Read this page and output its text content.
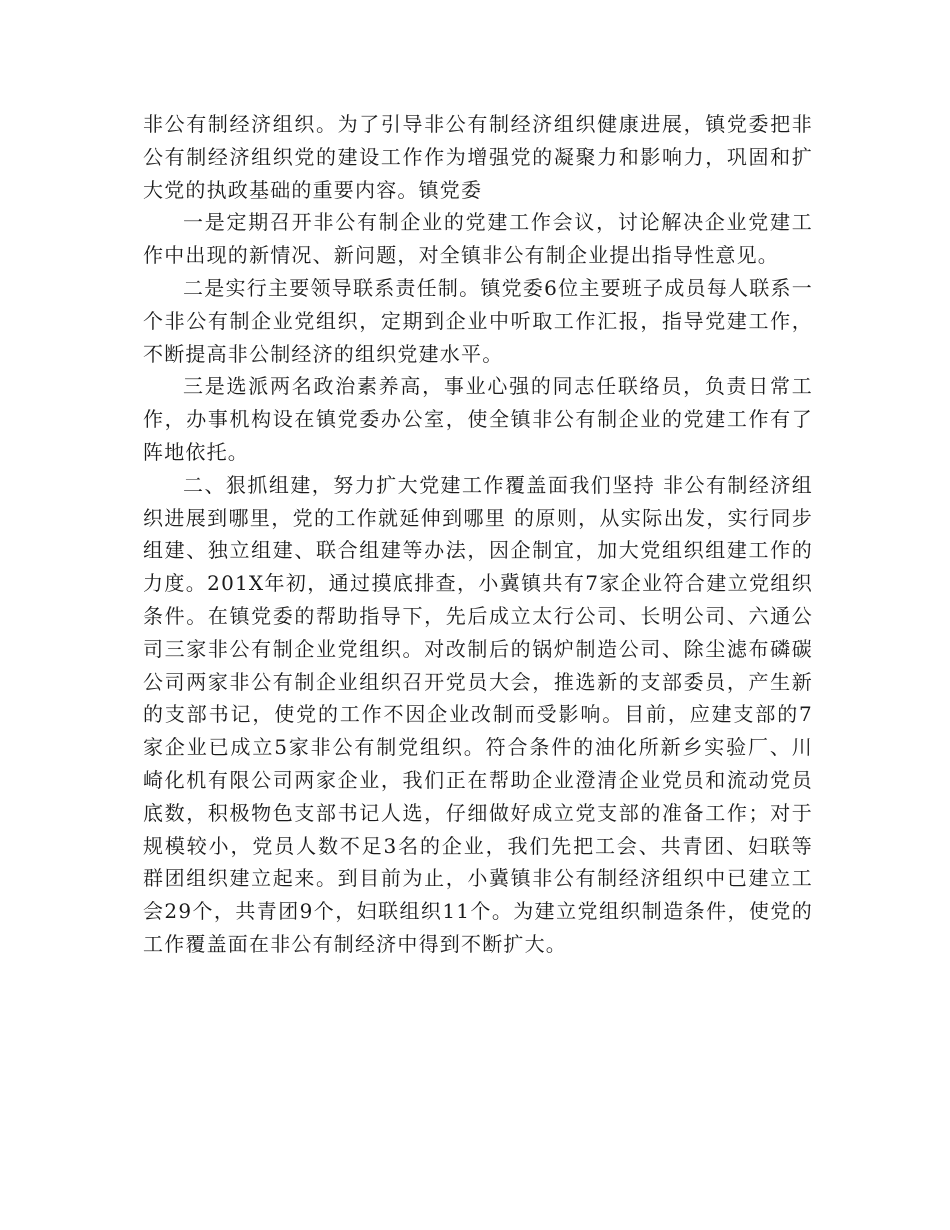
非公有制经济组织。为了引导非公有制经济组织健康进展，镇党委把非公有制经济组织党的建设工作作为增强党的凝聚力和影响力，巩固和扩大党的执政基础的重要内容。镇党委

一是定期召开非公有制企业的党建工作会议，讨论解决企业党建工作中出现的新情况、新问题，对全镇非公有制企业提出指导性意见。

二是实行主要领导联系责任制。镇党委6位主要班子成员每人联系一个非公有制企业党组织，定期到企业中听取工作汇报，指导党建工作，不断提高非公制经济的组织党建水平。

三是选派两名政治素养高，事业心强的同志任联络员，负责日常工作，办事机构设在镇党委办公室，使全镇非公有制企业的党建工作有了阵地依托。

二、狠抓组建，努力扩大党建工作覆盖面我们坚持 非公有制经济组织进展到哪里，党的工作就延伸到哪里 的原则，从实际出发，实行同步组建、独立组建、联合组建等办法，因企制宜，加大党组织组建工作的力度。201X年初，通过摸底排查，小冀镇共有7家企业符合建立党组织条件。在镇党委的帮助指导下，先后成立太行公司、长明公司、六通公司三家非公有制企业党组织。对改制后的锅炉制造公司、除尘滤布磷碳公司两家非公有制企业组织召开党员大会，推选新的支部委员，产生新的支部书记，使党的工作不因企业改制而受影响。目前，应建支部的7家企业已成立5家非公有制党组织。符合条件的油化所新乡实验厂、川崎化机有限公司两家企业，我们正在帮助企业澄清企业党员和流动党员底数，积极物色支部书记人选，仔细做好成立党支部的准备工作；对于规模较小，党员人数不足3名的企业，我们先把工会、共青团、妇联等群团组织建立起来。到目前为止，小冀镇非公有制经济组织中已建立工会29个，共青团9个，妇联组织11个。为建立党组织制造条件，使党的工作覆盖面在非公有制经济中得到不断扩大。
